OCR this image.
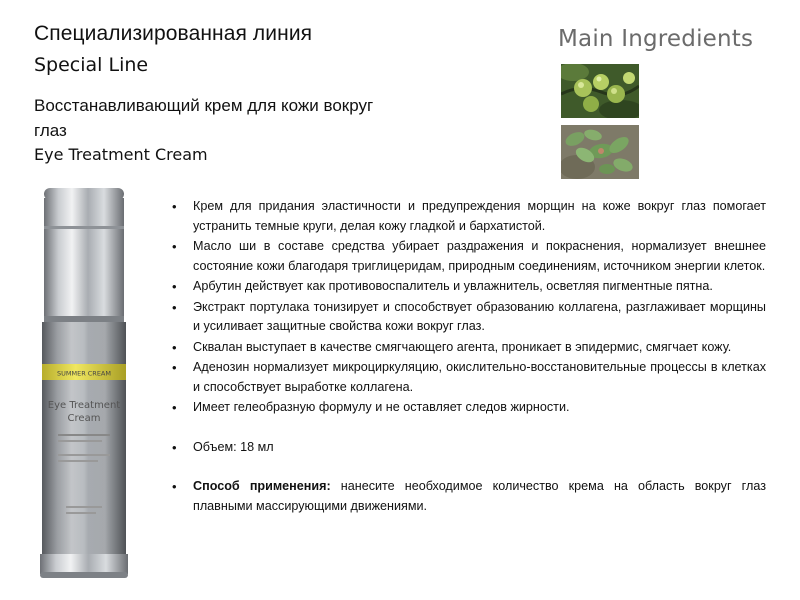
Специализированная линия
Special Line
Восстанавливающий крем для кожи вокруг
глаз
Eye Treatment Cream
Main Ingredients
SUMMER CREAM
Eye Treatment
Cream
• Крем для придания эластичности и предупреждения морщин на коже вокруг глаз помогает устранить темные круги, делая кожу гладкой и бархатистой.
• Масло ши в составе средства убирает раздражения и покраснения, нормализует внешнее состояние кожи благодаря триглицеридам, природным соединениям, источником энергии клеток.
• Арбутин действует как противовоспалитель и увлажнитель, осветляя пигментные пятна.
• Экстракт портулака тонизирует и способствует образованию коллагена, разглаживает морщины и усиливает защитные свойства кожи вокруг глаз.
• Сквалан выступает в качестве смягчающего агента, проникает в эпидермис, смягчает кожу.
• Аденозин нормализует микроциркуляцию, окислительно-восстановительные процессы в клетках и способствует выработке коллагена.
• Имеет гелеобразную формулу и не оставляет следов жирности.
• Объем: 18 мл
• Способ применения: нанесите необходимое количество крема на область вокруг глаз плавными массирующими движениями.
